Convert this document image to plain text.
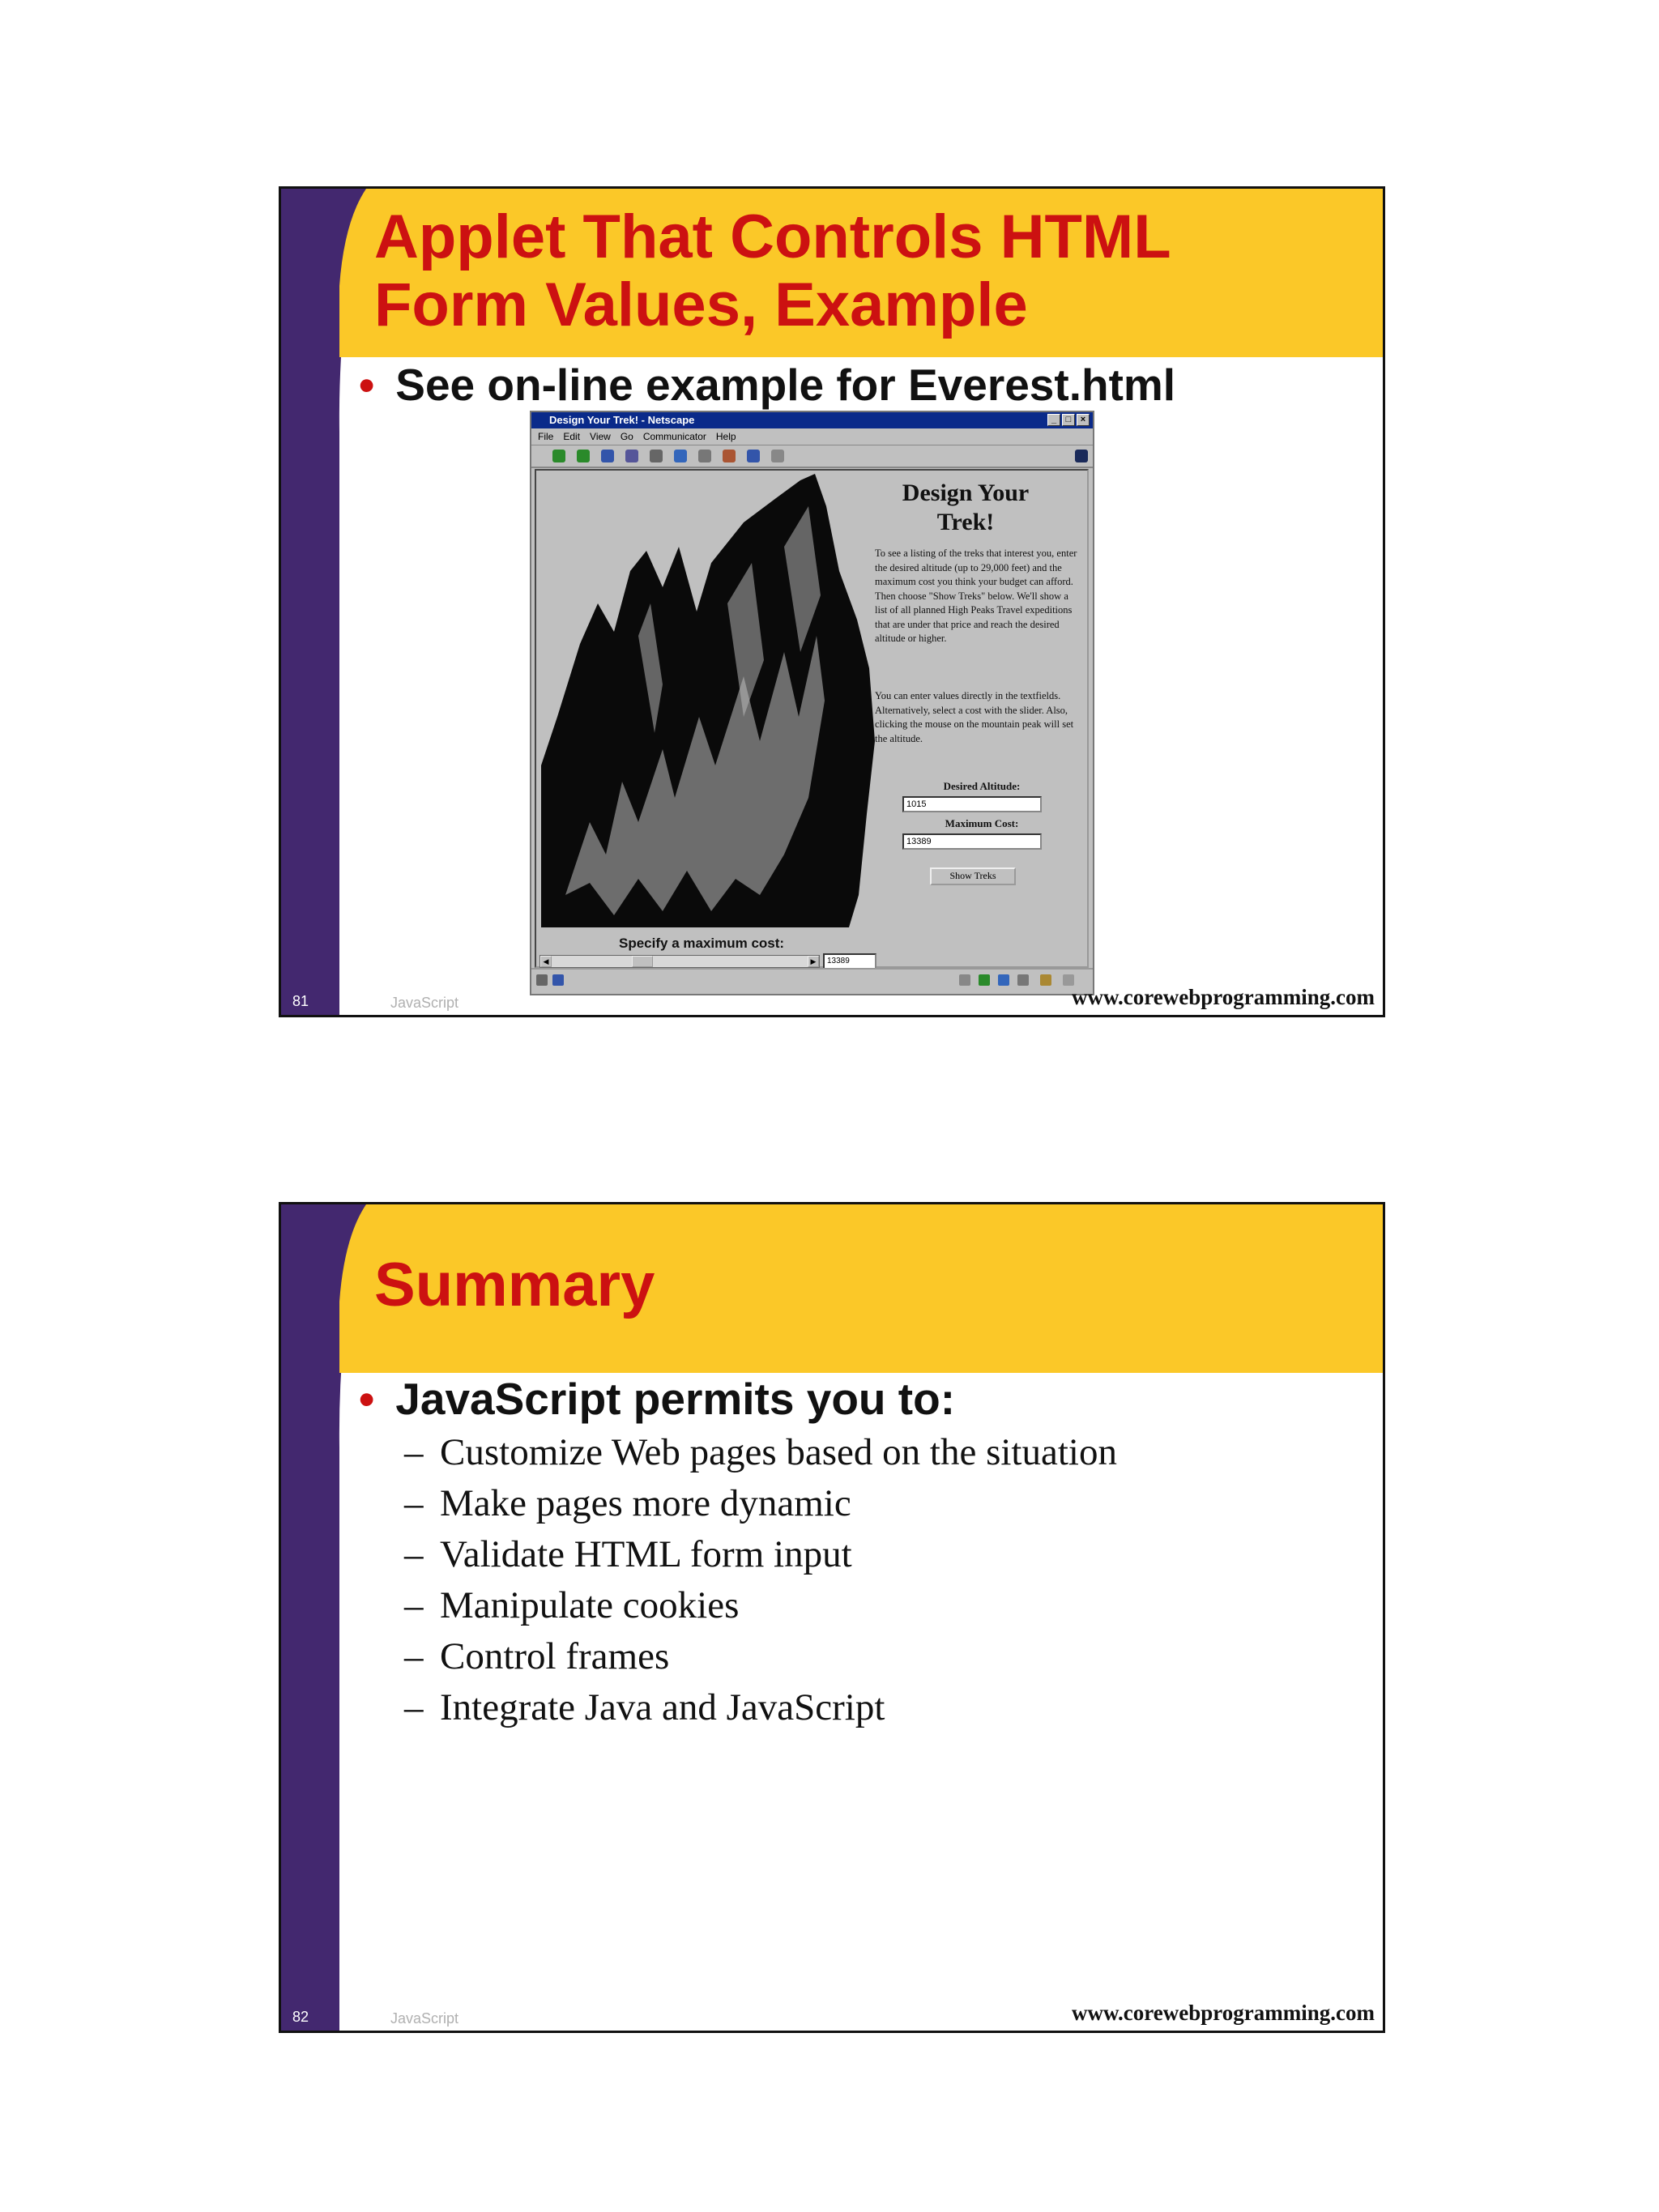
Applet That Controls HTML
Form Values, Example
• See on-line example for Everest.html
Design Your Trek! - Netscape	_	□	×
File Edit View Go Communicator Help
Design Your
Trek!
To see a listing of the treks that interest you, enter the desired altitude (up to 29,000 feet) and the maximum cost you think your budget can afford. Then choose "Show Treks" below. We'll show a list of all planned High Peaks Travel expeditions that are under that price and reach the desired altitude or higher.
You can enter values directly in the textfields. Alternatively, select a cost with the slider. Also, clicking the mouse on the mountain peak will set the altitude.
Desired Altitude:
1015
Maximum Cost:
13389
Show Treks
Specify a maximum cost:
◀	▶	13389
81	JavaScript	www.corewebprogramming.com
Summary
• JavaScript permits you to:
– Customize Web pages based on the situation
– Make pages more dynamic
– Validate HTML form input
– Manipulate cookies
– Control frames
– Integrate Java and JavaScript
82	JavaScript	www.corewebprogramming.com
